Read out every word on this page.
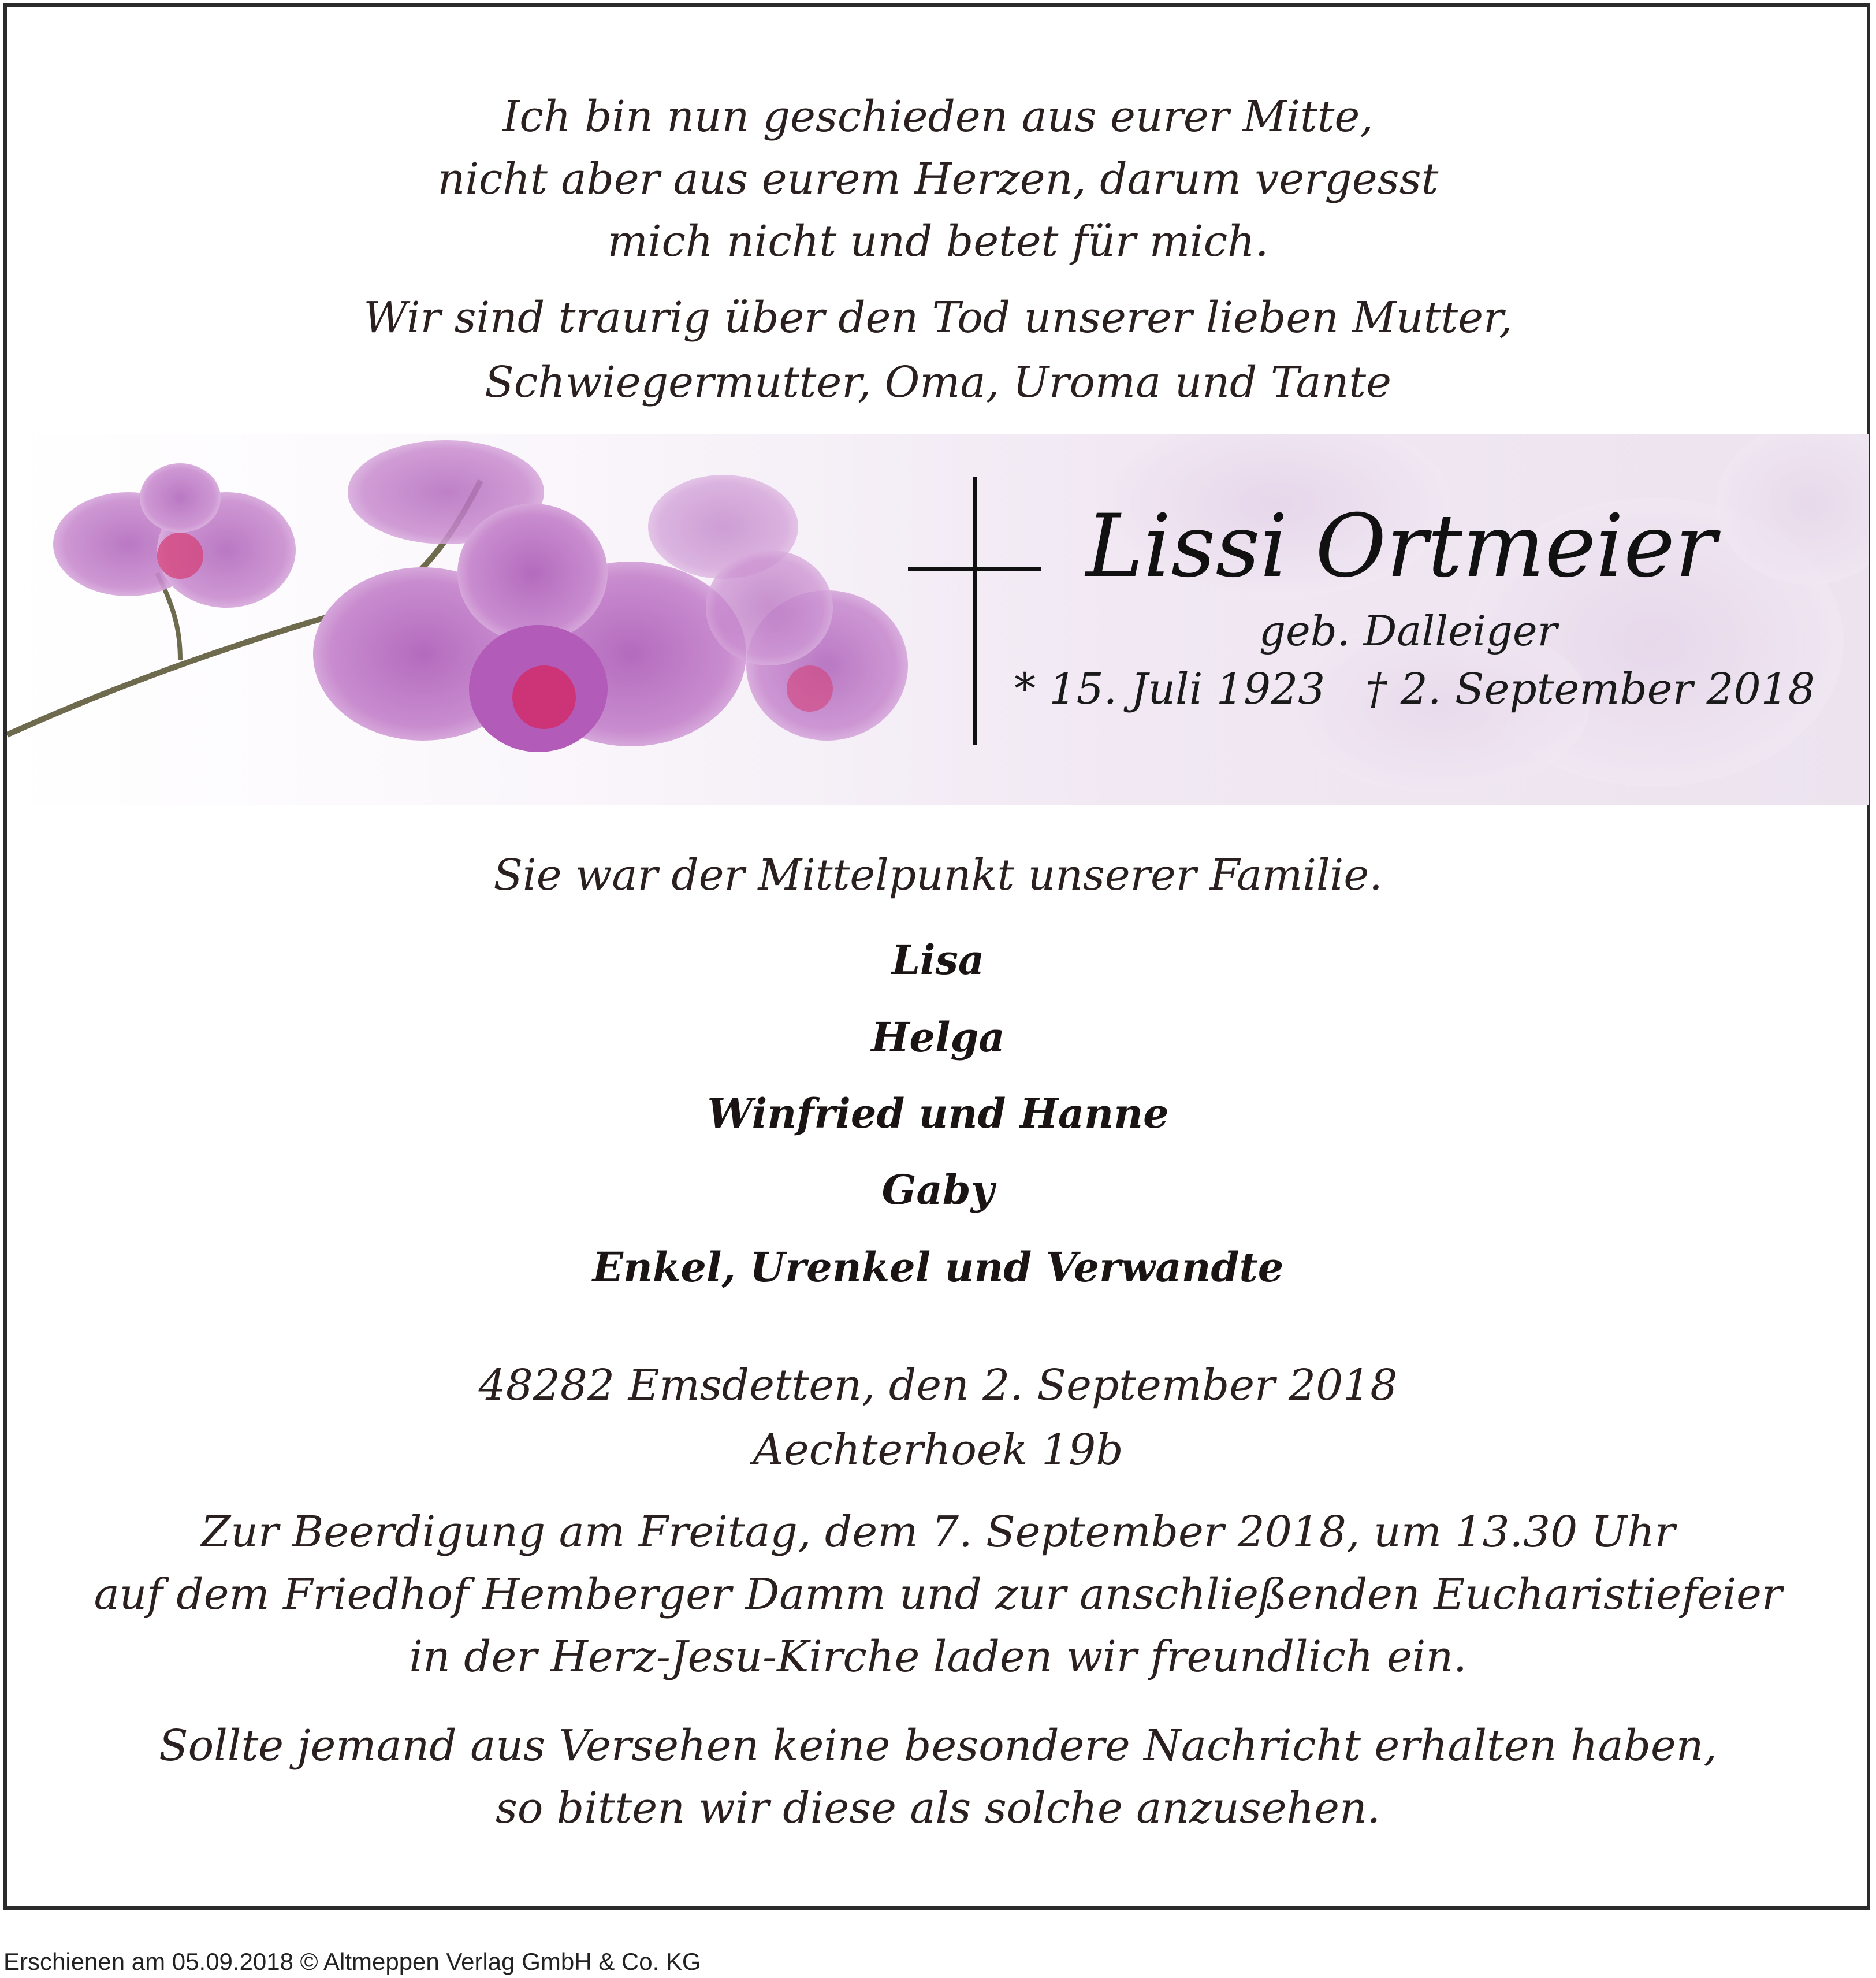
Ich bin nun geschieden aus eurer Mitte,
nicht aber aus eurem Herzen, darum vergesst
mich nicht und betet für mich.
Wir sind traurig über den Tod unserer lieben Mutter,
Schwiegermutter, Oma, Uroma und Tante
Lissi Ortmeier
geb. Dalleiger
* 15. Juli 1923 † 2. September 2018
Sie war der Mittelpunkt unserer Familie.
Lisa
Helga
Winfried und Hanne
Gaby
Enkel, Urenkel und Verwandte
48282 Emsdetten, den 2. September 2018
Aechterhoek 19b
Zur Beerdigung am Freitag, dem 7. September 2018, um 13.30 Uhr
auf dem Friedhof Hemberger Damm und zur anschließenden Eucharistiefeier
in der Herz-Jesu-Kirche laden wir freundlich ein.
Sollte jemand aus Versehen keine besondere Nachricht erhalten haben,
so bitten wir diese als solche anzusehen.
Erschienen am 05.09.2018 © Altmeppen Verlag GmbH & Co. KG
